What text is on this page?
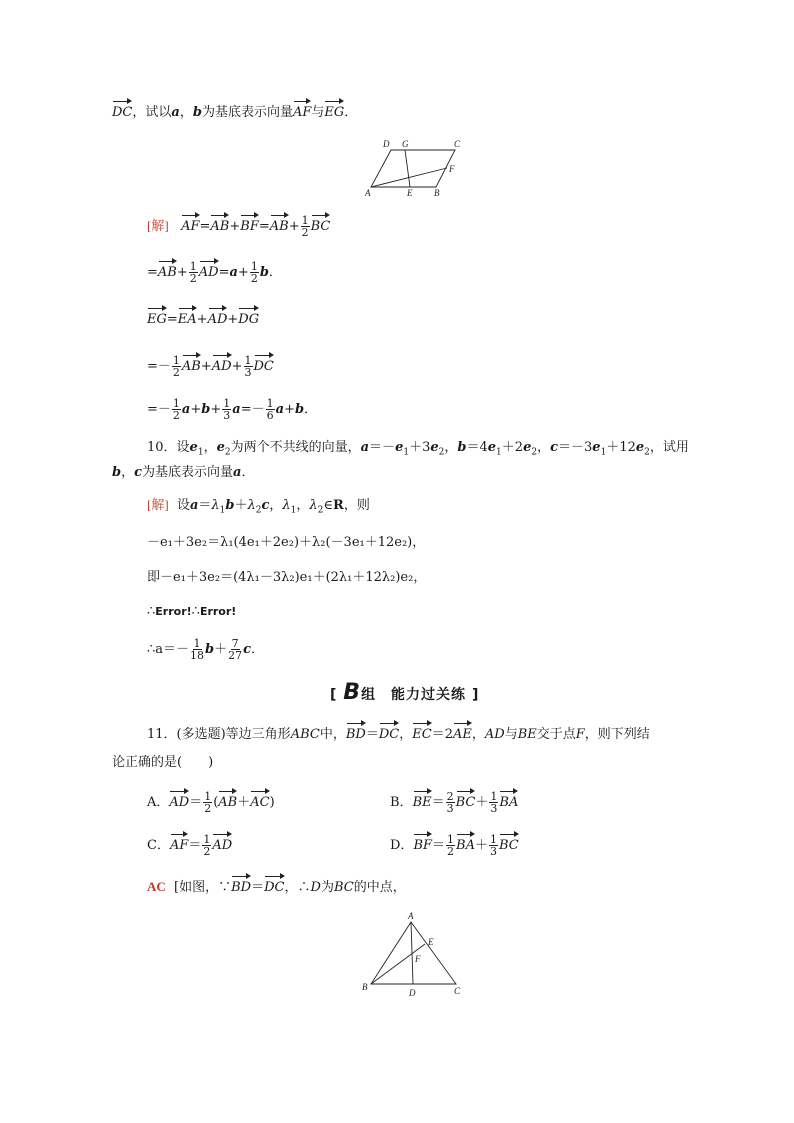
DC，试以a，b为基底表示向量AF与EG．
D G	C
F
A	E B
[解] $AF=AB+BF=AB+ \frac{1}{2}$ BC
$=AB+ \frac{1}{2} AD=a+ \frac{1}{2}$ b．
EG=EA+AD+DG
=－ $\frac{1}{2} AB+AD+ \frac{1}{3}$ DC
=－ $\frac{1}{2} a+b+ \frac{1}{3} a=- \frac{1}{6} a+b$．
10．设$e_1$，$e_2$为两个不共线的向量，$a=-e_1+3e_2$，$b=4e_1+2e_2$，$c=-3e_1+12e_2$，试用
b，c为基底表示向量a．
[解] 设$a=\lambda_1b+\lambda_2c$，$\lambda_1$，$\lambda_2\in R$，则
－e₁＋3e₂＝λ₁(4e₁＋2e₂)＋λ₂(－3e₁＋12e₂)，
即－e₁＋3e₂＝(4λ₁－3λ₂)e₁＋(2λ₁＋12λ₂)e₂，
∴Error!∴Error!
∴a＝－ $\frac{1}{18} b+ \frac{7}{27}$ c．
[ B组　能力过关练 ]
11．(多选题)等边三角形ABC中，BD＝DC，EC＝2AE，AD与BE交于点F，则下列结
论正确的是(　　)
A．$AD= \frac{1}{2} (AB+AC)$	B．$BE= \frac{2}{3} BC+ \frac{1}{3}$ BA
C．$AF= \frac{1}{2}$ AD	D．$BF= \frac{1}{2} BA+ \frac{1}{3}$ BC
AC [如图，∵BD＝DC，∴D为BC的中点，
A
E
F
B
D	C
